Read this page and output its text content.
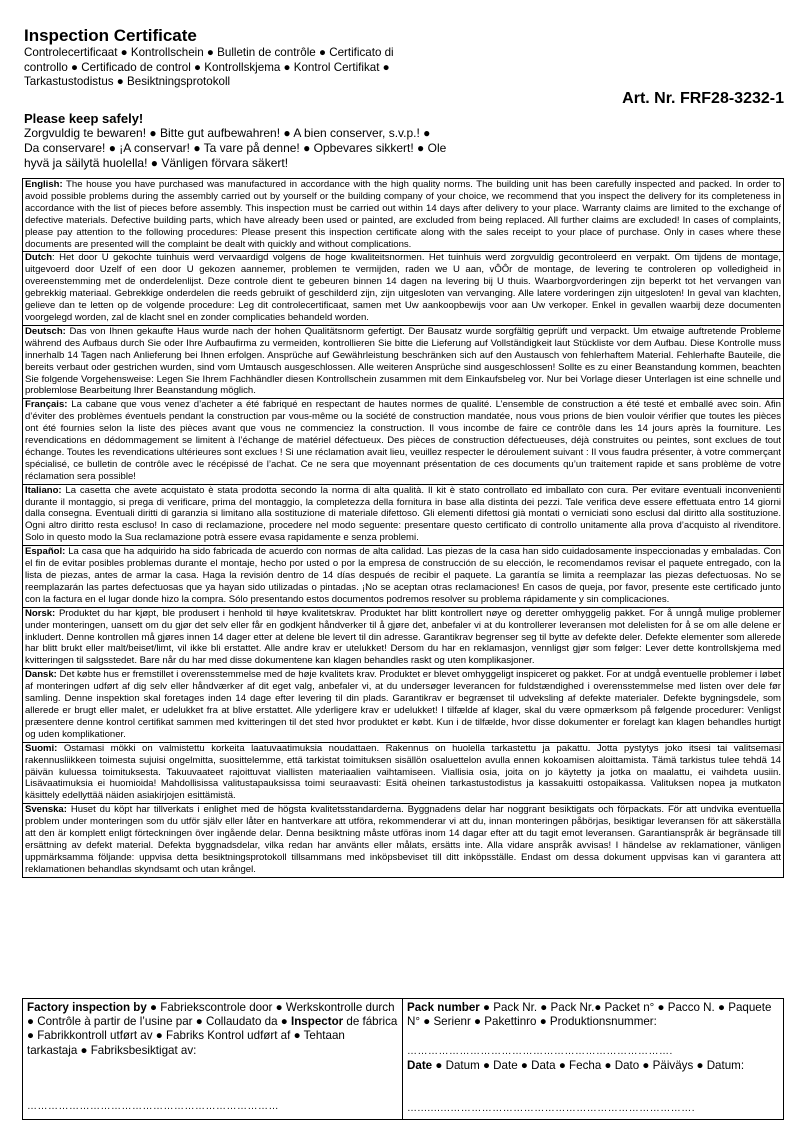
Inspection Certificate
Controlecertificaat ● Kontrollschein ● Bulletin de contrôle ● Certificato di controllo ● Certificado de control ● Kontrollskjema ● Kontrol Certifikat ● Tarkastustodistus ● Besiktningsprotokoll
Art. Nr. FRF28-3232-1
Please keep safely!
Zorgvuldig te bewaren! ● Bitte gut aufbewahren! ● A bien conserver, s.v.p.! ● Da conservare! ● ¡A conservar! ● Ta vare på denne! ● Opbevares sikkert! ● Ole hyvä ja säilytä huolella! ● Vänligen förvara säkert!
English: The house you have purchased was manufactured in accordance with the high quality norms. The building unit has been carefully inspected and packed. In order to avoid possible problems during the assembly carried out by yourself or the building company of your choice, we recommend that you inspect the delivery for its completeness in accordance with the list of pieces before assembly. This inspection must be carried out within 14 days after delivery to your place. Warranty claims are limited to the exchange of defective materials. Defective building parts, which have already been used or painted, are excluded from being replaced. All further claims are excluded! In cases of complaints, please pay attention to the following procedures: Please present this inspection certificate along with the sales receipt to your place of purchase. Only in cases where these documents are presented will the complaint be dealt with quickly and without complications.
Dutch: Het door U gekochte tuinhuis werd vervaardigd volgens de hoge kwaliteitsnormen. Het tuinhuis werd zorgvuldig gecontroleerd en verpakt. Om tijdens de montage, uitgevoerd door Uzelf of een door U gekozen aannemer, problemen te vermijden, raden we U aan, vÔÔr de montage, de levering te controleren op volledigheid in overeenstemming met de onderdelenlijst. Deze controle dient te gebeuren binnen 14 dagen na levering bij U thuis. Waarborgvorderingen zijn beperkt tot het vervangen van gebrekkig materiaal. Gebrekkige onderdelen die reeds gebruikt of geschilderd zijn, zijn uitgesloten van vervanging. Alle latere vorderingen zijn uitgesloten! In geval van klachten, gelieve dan te letten op de volgende procedure: Leg dit controlecertificaat, samen met Uw aankoopbewijs voor aan Uw verkoper. Enkel in gevallen waarbij deze documenten voorgelegd worden, zal de klacht snel en zonder complicaties behandeld worden.
Deutsch: Das von Ihnen gekaufte Haus wurde nach der hohen Qualitätsnorm gefertigt. Der Bausatz wurde sorgfältig geprüft und verpackt. Um etwaige auftretende Probleme während des Aufbaus durch Sie oder Ihre Aufbaufirma zu vermeiden, kontrollieren Sie bitte die Lieferung auf Vollständigkeit laut Stückliste vor dem Aufbau. Diese Kontrolle muss innerhalb 14 Tagen nach Anlieferung bei Ihnen erfolgen. Ansprüche auf Gewährleistung beschränken sich auf den Austausch von fehlerhaftem Material. Fehlerhafte Bauteile, die bereits verbaut oder gestrichen wurden, sind vom Umtausch ausgeschlossen. Alle weiteren Ansprüche sind ausgeschlossen! Sollte es zu einer Beanstandung kommen, beachten Sie folgende Vorgehensweise: Legen Sie Ihrem Fachhändler diesen Kontrollschein zusammen mit dem Einkaufsbeleg vor. Nur bei Vorlage dieser Unterlagen ist eine schnelle und problemlose Bearbeitung Ihrer Beanstandung möglich.
Français: La cabane que vous venez d’acheter a été fabriqué en respectant de hautes normes de qualité. L’ensemble de construction a été testé et emballé avec soin. Afin d’éviter des problèmes éventuels pendant la construction par vous-même ou la société de construction mandatée, nous vous prions de bien vouloir vérifier que toutes les pièces ont été fournies selon la liste des pièces avant que vous ne commenciez la construction. Il vous incombe de faire ce contrôle dans les 14 jours après la fourniture. Les revendications en dédommagement se limitent à l’échange de matériel défectueux. Des pièces de construction défectueuses, déjà construites ou peintes, sont exclues de tout échange. Toutes les revendications ultérieures sont exclues ! Si une réclamation avait lieu, veuillez respecter le déroulement suivant : Il vous faudra présenter, à votre commerçant spécialisé, ce bulletin de contrôle avec le récépissé de l’achat. Ce ne sera que moyennant présentation de ces documents qu’un traitement rapide et sans problème de votre réclamation sera possible!
Italiano: La casetta che avete acquistato è stata prodotta secondo la norma di alta qualità. Il kit è stato controllato ed imballato con cura. Per evitare eventuali inconvenienti durante il montaggio, si prega di verificare, prima del montaggio, la completezza della fornitura in base alla distinta dei pezzi. Tale verifica deve essere effettuata entro 14 giorni dalla consegna. Eventuali diritti di garanzia si limitano alla sostituzione di materiale difettoso. Gli elementi difettosi già montati o verniciati sono esclusi dal diritto alla sostituzione. Ogni altro diritto resta escluso! In caso di reclamazione, procedere nel modo seguente: presentare questo certificato di controllo unitamente alla prova d’acquisto al rivenditore. Solo in questo modo la Sua reclamazione potrà essere evasa rapidamente e senza problemi.
Español: La casa que ha adquirido ha sido fabricada de acuerdo con normas de alta calidad. Las piezas de la casa han sido cuidadosamente inspeccionadas y embaladas. Con el fin de evitar posibles problemas durante el montaje, hecho por usted o por la empresa de construcción de su elección, le recomendamos revisar el paquete entregado, con la lista de piezas, antes de armar la casa. Haga la revisión dentro de 14 días después de recibir el paquete. La garantía se limita a reemplazar las piezas defectuosas. No se reemplazarán las partes defectuosas que ya hayan sido utilizadas o pintadas. ¡No se aceptan otras reclamaciones! En casos de queja, por favor, presente este certificado junto con la factura en el lugar donde hizo la compra. Sólo presentando estos documentos podremos resolver su problema rápidamente y sin complicaciones.
Norsk: Produktet du har kjøpt, ble produsert i henhold til høye kvalitetskrav. Produktet har blitt kontrollert nøye og deretter omhyggelig pakket. For å unngå mulige problemer under monteringen, uansett om du gjør det selv eller får en godkjent håndverker til å gjøre det, anbefaler vi at du kontrollerer leveransen mot delelisten for å se om alle delene er inkludert. Denne kontrollen må gjøres innen 14 dager etter at delene ble levert til din adresse. Garantikrav begrenser seg til bytte av defekte deler. Defekte elementer som allerede har blitt brukt eller malt/beiset/limt, vil ikke bli erstattet. Alle andre krav er utelukket! Dersom du har en reklamasjon, vennligst gjør som følger: Lever dette kontrollskjema med kvitteringen til salgsstedet. Bare når du har med disse dokumentene kan klagen behandles raskt og uten komplikasjoner.
Dansk: Det købte hus er fremstillet i overensstemmelse med de høje kvalitets krav. Produktet er blevet omhyggeligt inspiceret og pakket. For at undgå eventuelle problemer i løbet af monteringen udført af dig selv eller håndværker af dit eget valg, anbefaler vi, at du undersøger leverancen for fuldstændighed i overensstemmelse med listen over dele før samling. Denne inspektion skal foretages inden 14 dage efter levering til din plads. Garantikrav er begrænset til udveksling af defekte materialer. Defekte bygningsdele, som allerede er brugt eller malet, er udelukket fra at blive erstattet. Alle yderligere krav er udelukket! I tilfælde af klager, skal du være opmærksom på følgende procedurer: Venligst præsentere denne kontrol certifikat sammen med kvitteringen til det sted hvor produktet er købt. Kun i de tilfælde, hvor disse dokumenter er forelagt kan klagen behandles hurtigt og uden komplikationer.
Suomi: Ostamasi mökki on valmistettu korkeita laatuvaatimuksia noudattaen. Rakennus on huolella tarkastettu ja pakattu. Jotta pystytys joko itsesi tai valitsemasi rakennusliikkeen toimesta sujuisi ongelmitta, suosittelemme, että tarkistat toimituksen sisällön osaluettelon avulla ennen kokoamisen aloittamista. Tämä tarkistus tulee tehdä 14 päivän kuluessa toimituksesta. Takuuvaateet rajoittuvat viallisten materiaalien vaihtamiseen. Viallisia osia, joita on jo käytetty ja jotka on maalattu, ei vaihdeta uusiin. Lisävaatimuksia ei huomioida! Mahdollisissa valitustapauksissa toimi seuraavasti: Esitä oheinen tarkastustodistus ja kassakuitti ostopaikassa. Valituksen nopea ja mutkaton käsittely edellyttää näiden asiakirjojen esittämistä.
Svenska: Huset du köpt har tillverkats i enlighet med de högsta kvalitetsstandarderna. Byggnadens delar har noggrant besiktigats och förpackats. För att undvika eventuella problem under monteringen som du utför själv eller låter en hantverkare att utföra, rekommenderar vi att du, innan monteringen påbörjas, besiktigar leveransen för att säkerställa att den är komplett enligt förteckningen över ingående delar. Denna besiktning måste utföras inom 14 dagar efter att du tagit emot leveransen. Garantianspråk är begränsade till ersättning av defekt material. Defekta byggnadsdelar, vilka redan har använts eller målats, ersätts inte. Alla vidare anspråk avvisas! I händelse av reklamationer, vänligen uppmärksamma följande: uppvisa detta besiktningsprotokoll tillsammans med inköpsbeviset till ditt inköpsställe. Endast om dessa dokument uppvisas kan vi garantera att reklamationen behandlas skyndsamt och utan krångel.
Factory inspection by ● Fabriekscontrole door ● Werkskontrolle durch ● Contrôle à partir de l’usine par ● Collaudato da ● Inspector de fábrica ● Fabrikkontroll utført av ● Fabriks Kontrol udført af ● Tehtaan tarkastaja ● Fabriksbesiktigat av:
………………………………………………………………
Pack number ● Pack Nr. ● Pack Nr.● Packet n° ● Pacco N. ● Paquete N° ● Serienr ● Pakettinro ● Produktionsnummer:
………………………………………………………………….
Date ● Datum ● Date ● Data ● Fecha ● Dato ● Päiväys ● Datum:
…..........…………………………………………………………….
